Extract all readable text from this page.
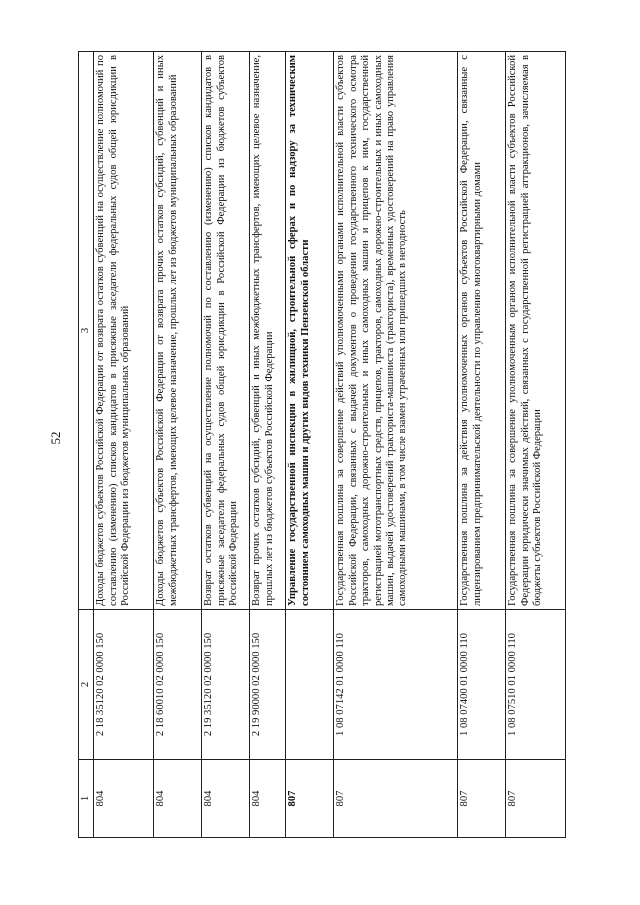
52
1	2	3
804	2 18 35120 02 0000 150	Доходы бюджетов субъектов Российской Федерации от возврата остатков субвенций на осуществление полномочий по составлению (изменению) списков кандидатов в присяжные заседатели федеральных судов общей юрисдикции в Российской Федерации из бюджетов муниципальных образований
804	2 18 60010 02 0000 150	Доходы бюджетов субъектов Российской Федерации от возврата прочих остатков субсидий, субвенций и иных межбюджетных трансфертов, имеющих целевое назначение, прошлых лет из бюджетов муниципальных образований
804	2 19 35120 02 0000 150	Возврат остатков субвенций на осуществление полномочий по составлению (изменению) списков кандидатов в присяжные заседатели федеральных судов общей юрисдикции в Российской Федерации из бюджетов субъектов Российской Федерации
804	2 19 90000 02 0000 150	Возврат прочих остатков субсидий, субвенций и иных межбюджетных трансфертов, имеющих целевое назначение, прошлых лет из бюджетов субъектов Российской Федерации
807		Управление государственной инспекции в жилищной, строительной сферах и по надзору за техническим состоянием самоходных машин и других видов техники Пензенской области
807	1 08 07142 01 0000 110	Государственная пошлина за совершение действий уполномоченными органами исполнительной власти субъектов Российской Федерации, связанных с выдачей документов о проведении государственного технического осмотра тракторов, самоходных дорожно-строительных и иных самоходных машин и прицепов к ним, государственной регистрацией мототранспортных средств, прицепов, тракторов, самоходных дорожно-строительных и иных самоходных машин, выдачей удостоверений тракториста-машиниста (тракториста), временных удостоверений на право управления самоходными машинами, в том числе взамен утраченных или пришедших в негодность
807	1 08 07400 01 0000 110	Государственная пошлина за действия уполномоченных органов субъектов Российской Федерации, связанные с лицензированием предпринимательской деятельности по управлению многоквартирными домами
807	1 08 07510 01 0000 110	Государственная пошлина за совершение уполномоченным органом исполнительной власти субъектов Российской Федерации юридически значимых действий, связанных с государственной регистрацией аттракционов, зачисляемая в бюджеты субъектов Российской Федерации
